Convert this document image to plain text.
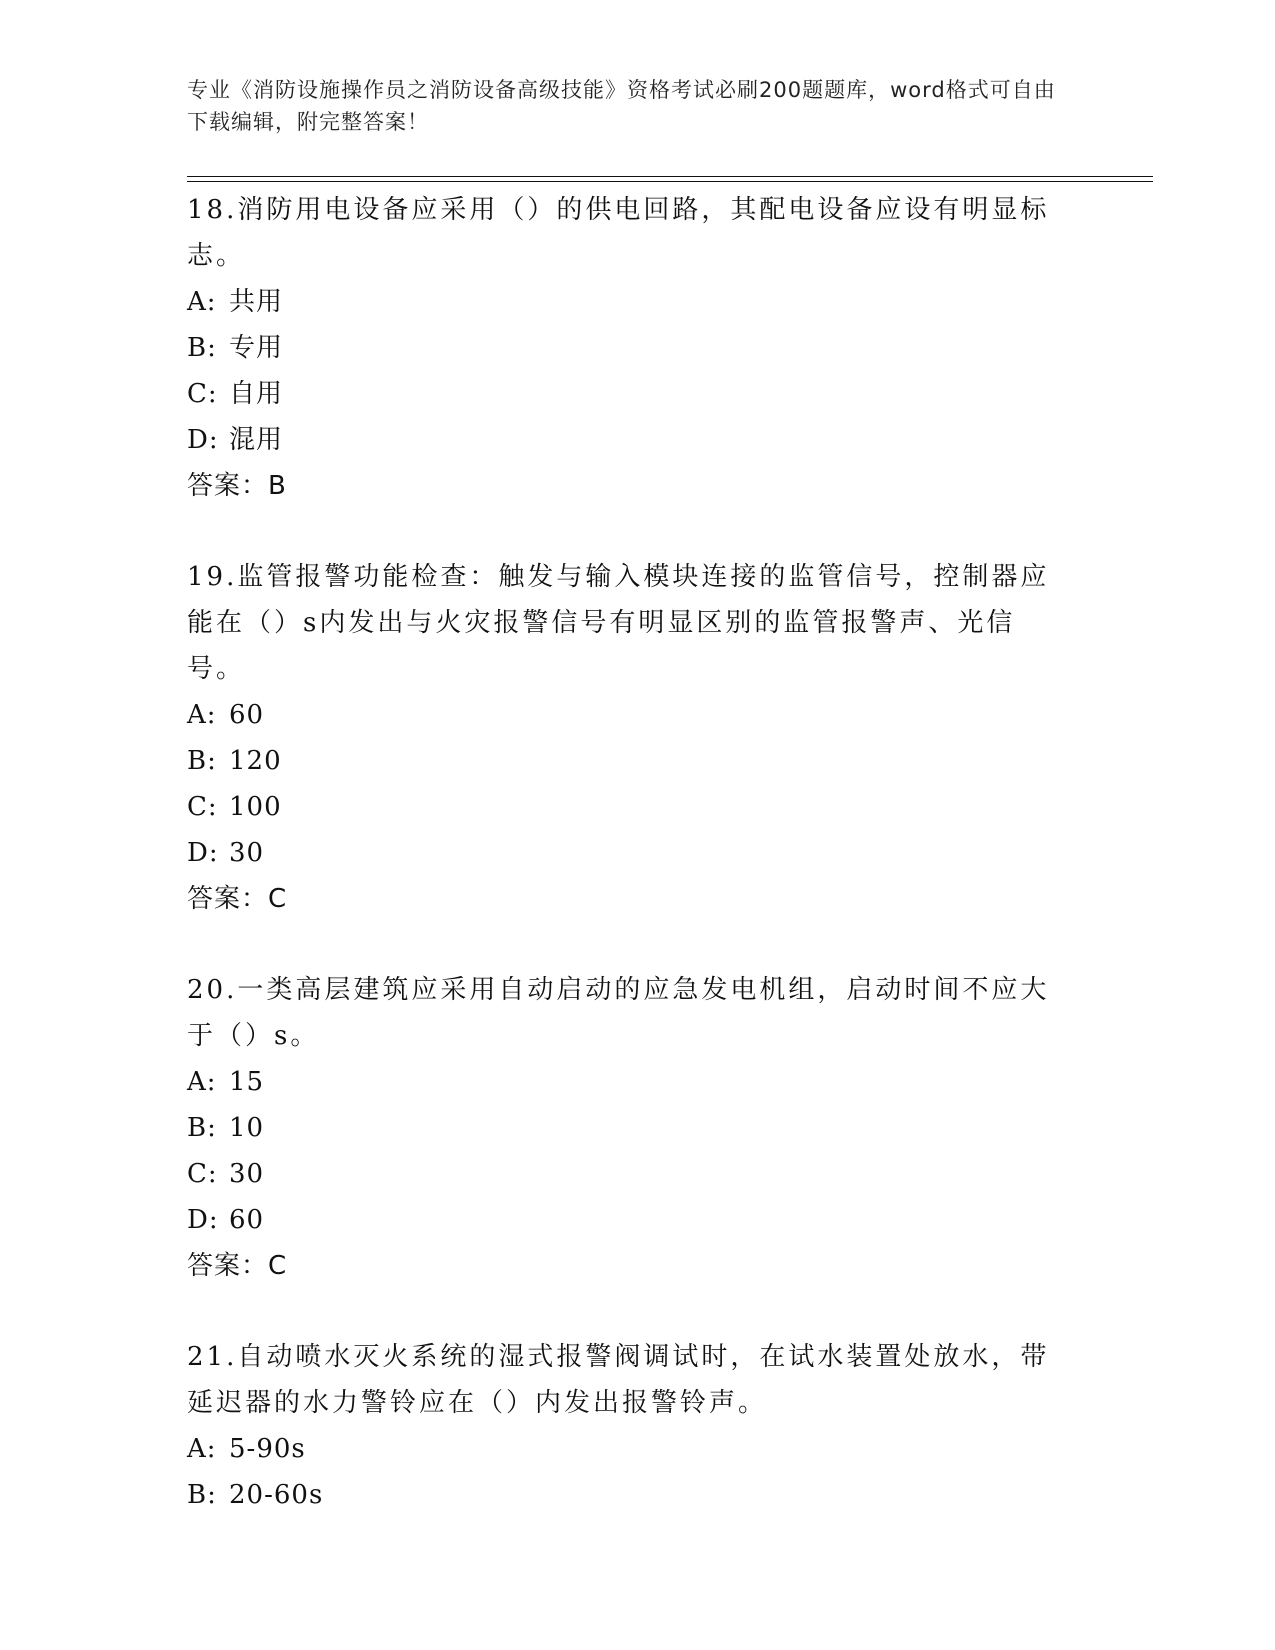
专业《消防设施操作员之消防设备高级技能》资格考试必刷200题题库，word格式可自由下载编辑，附完整答案！
18.消防用电设备应采用（）的供电回路，其配电设备应设有明显标志。
A: 共用
B: 专用
C: 自用
D: 混用
答案：B
19.监管报警功能检查：触发与输入模块连接的监管信号，控制器应能在（）s内发出与火灾报警信号有明显区别的监管报警声、光信号。
A: 60
B: 120
C: 100
D: 30
答案：C
20.一类高层建筑应采用自动启动的应急发电机组，启动时间不应大于（）s。
A: 15
B: 10
C: 30
D: 60
答案：C
21.自动喷水灭火系统的湿式报警阀调试时，在试水装置处放水，带延迟器的水力警铃应在（）内发出报警铃声。
A: 5-90s
B: 20-60s
